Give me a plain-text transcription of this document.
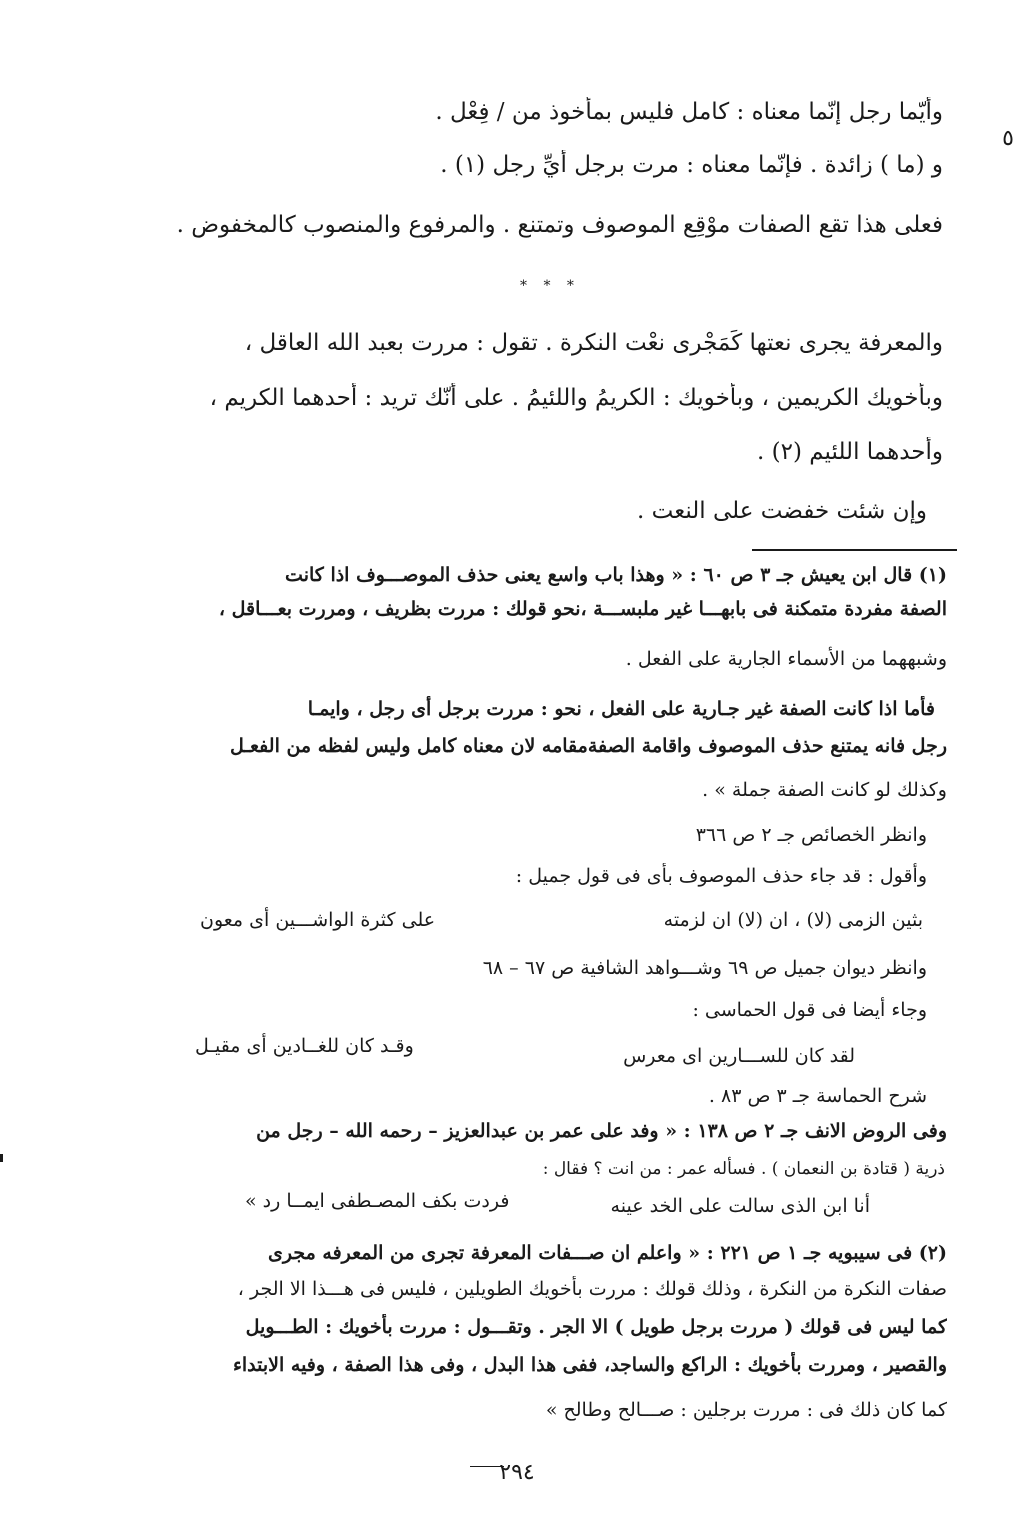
٥
وأيّما رجل إنّما معناه : كامل فليس بمأخوذ من / فِعْل .
و (ما ) زائدة . فإنّما معناه : مرت برجل أيِّ رجل (١) .
فعلى هذا تقع الصفات موْقِع الموصوف وتمتنع . والمرفوع والمنصوب كالمخفوض .
* * *
والمعرفة يجرى نعتها كَمَجْرى نعْت النكرة . تقول : مررت بعبد الله العاقل ،
وبأخويك الكريمين ، وبأخويك : الكريمُ واللئيمُ . على أنّك تريد : أحدهما الكريم ،
وأحدهما اللئيم (٢) .
وإن شئت خفضت على النعت .
(١) قال ابن يعيش جـ ٣ ص ٦٠ : « وهذا باب واسع يعنى حذف الموصـــوف اذا كانت
الصفة مفردة متمكنة فى بابهـــا غير ملبســـة ،نحو قولك : مررت بظريف ، ومررت بعـــاقل ،
وشبههما من الأسماء الجارية على الفعل .
فأما اذا كانت الصفة غير جـارية على الفعل ، نحو : مررت برجل أى رجل ، وايمـا
رجل فانه يمتنع حذف الموصوف واقامة الصفةمقامه لان معناه كامل وليس لفظه من الفعـل
وكذلك لو كانت الصفة جملة » .
وانظر الخصائص جـ ٢ ص ٣٦٦
وأقول : قد جاء حذف الموصوف بأى فى قول جميل :
بثين الزمى (لا) ، ان (لا) ان لزمته
على كثرة الواشـــين أى معون
وانظر ديوان جميل ص ٦٩ وشـــواهد الشافية ص ٦٧ – ٦٨
وجاء أيضا فى قول الحماسى :
لقد كان للســـارين اى معرس
وقـد كان للغــادين أى مقيـل
شرح الحماسة جـ ٣ ص ٨٣ .
وفى الروض الانف جـ ٢ ص ١٣٨ : « وفد على عمر بن عبدالعزيز – رحمه الله – رجل من
ذرية ( قتادة بن النعمان ) . فسأله عمر : من انت ؟ فقال :
أنا ابن الذى سالت على الخد عينه
فردت بكف المصـطفى ايمــا رد »
(٢) فى سيبويه جـ ١ ص ٢٢١ : « واعلم ان صـــفات المعرفة تجرى من المعرفه مجرى
صفات النكرة من النكرة ، وذلك قولك : مررت بأخويك الطويلين ، فليس فى هـــذا الا الجر ،
كما ليس فى قولك ( مررت برجل طويل ) الا الجر . وتقـــول : مررت بأخويك : الطـــويل
والقصير ، ومررت بأخويك : الراكع والساجد، ففى هذا البدل ، وفى هذا الصفة ، وفيه الابتداء
كما كان ذلك فى : مررت برجلين : صـــالح وطالح »
٢٩٤
